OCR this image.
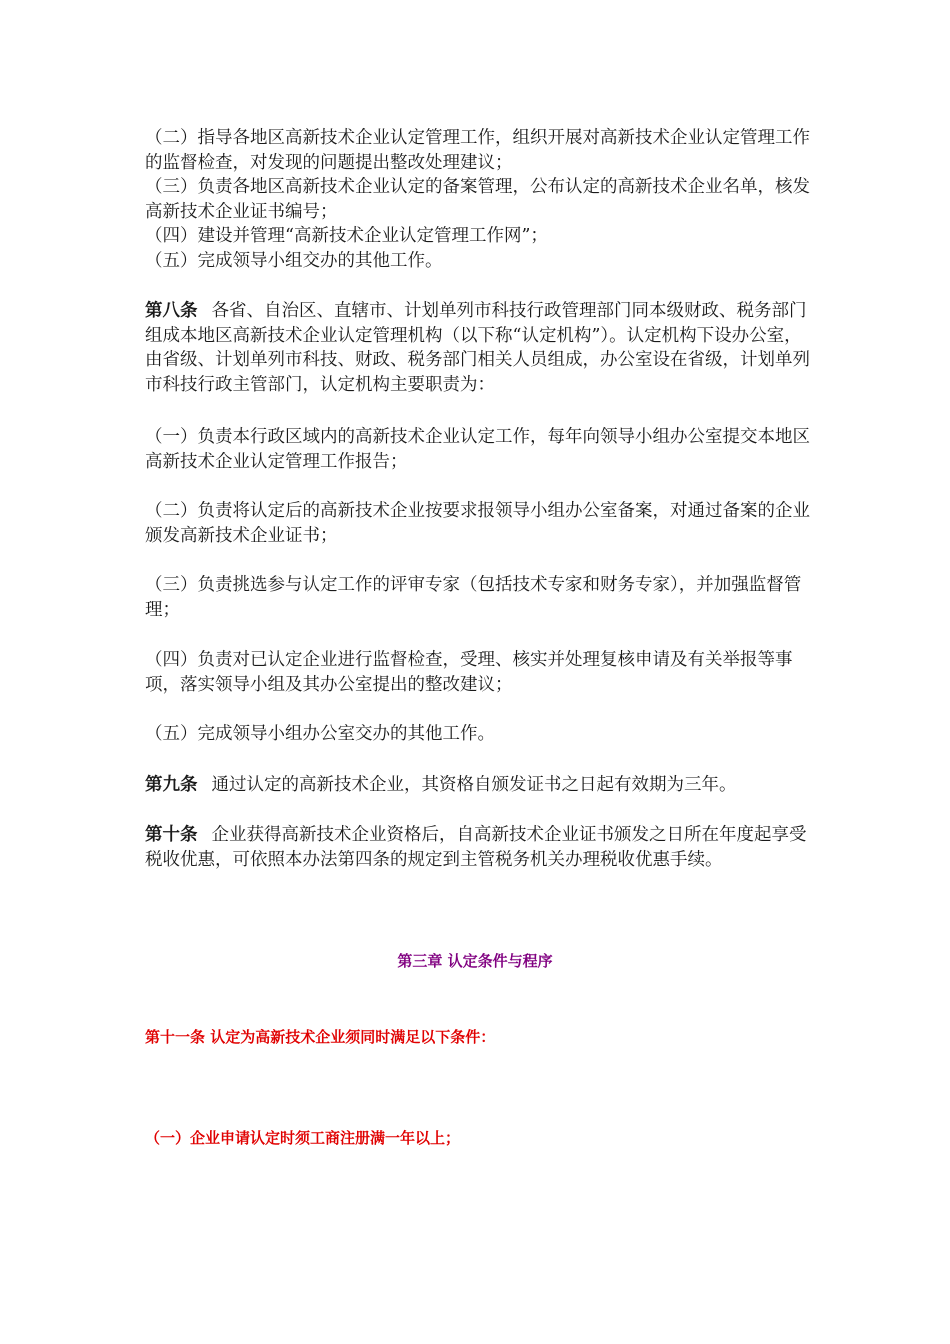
（二）指导各地区高新技术企业认定管理工作，组织开展对高新技术企业认定管理工作的监督检查，对发现的问题提出整改处理建议；
（三）负责各地区高新技术企业认定的备案管理，公布认定的高新技术企业名单，核发高新技术企业证书编号；
（四）建设并管理“高新技术企业认定管理工作网”；
（五）完成领导小组交办的其他工作。

第八条 各省、自治区、直辖市、计划单列市科技行政管理部门同本级财政、税务部门组成本地区高新技术企业认定管理机构（以下称“认定机构”）。认定机构下设办公室，由省级、计划单列市科技、财政、税务部门相关人员组成，办公室设在省级，计划单列市科技行政主管部门，认定机构主要职责为：

（一）负责本行政区域内的高新技术企业认定工作，每年向领导小组办公室提交本地区高新技术企业认定管理工作报告；

（二）负责将认定后的高新技术企业按要求报领导小组办公室备案，对通过备案的企业颁发高新技术企业证书；

（三）负责挑选参与认定工作的评审专家（包括技术专家和财务专家），并加强监督管理；

（四）负责对已认定企业进行监督检查，受理、核实并处理复核申请及有关举报等事项，落实领导小组及其办公室提出的整改建议；

（五）完成领导小组办公室交办的其他工作。

第九条 通过认定的高新技术企业，其资格自颁发证书之日起有效期为三年。

第十条 企业获得高新技术企业资格后，自高新技术企业证书颁发之日所在年度起享受税收优惠，可依照本办法第四条的规定到主管税务机关办理税收优惠手续。

第三章 认定条件与程序
第十一条 认定为高新技术企业须同时满足以下条件：
（一）企业申请认定时须工商注册满一年以上；
